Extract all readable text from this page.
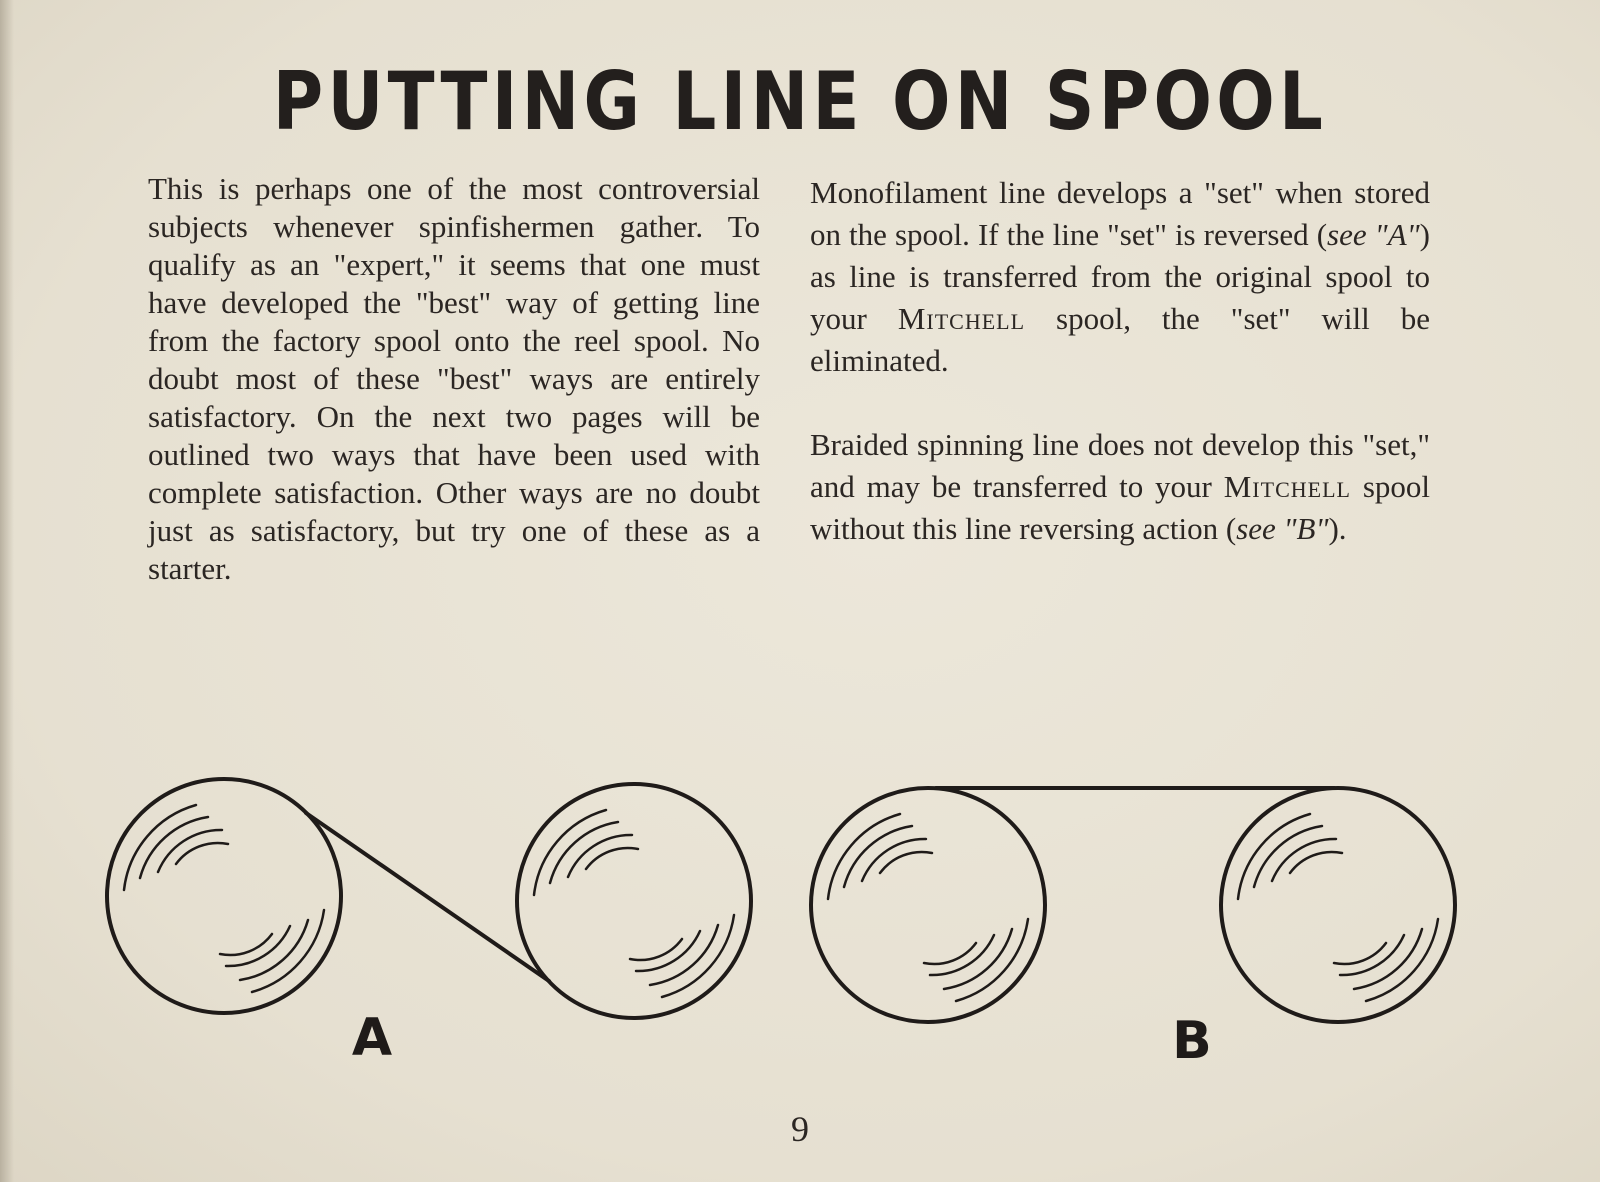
PUTTING LINE ON SPOOL

This is perhaps one of the most controversial subjects whenever spinfishermen gather. To qualify as an "expert," it seems that one must have developed the "best" way of getting line from the factory spool onto the reel spool. No doubt most of these "best" ways are entirely satisfactory. On the next two pages will be outlined two ways that have been used with complete satisfaction. Other ways are no doubt just as satisfactory, but try one of these as a starter.

Monofilament line develops a "set" when stored on the spool. If the line "set" is reversed (see "A") as line is transferred from the original spool to your Mitchell spool, the "set" will be eliminated.

Braided spinning line does not develop this "set," and may be transferred to your Mitchell spool without this line reversing action (see "B").

A	B
9
